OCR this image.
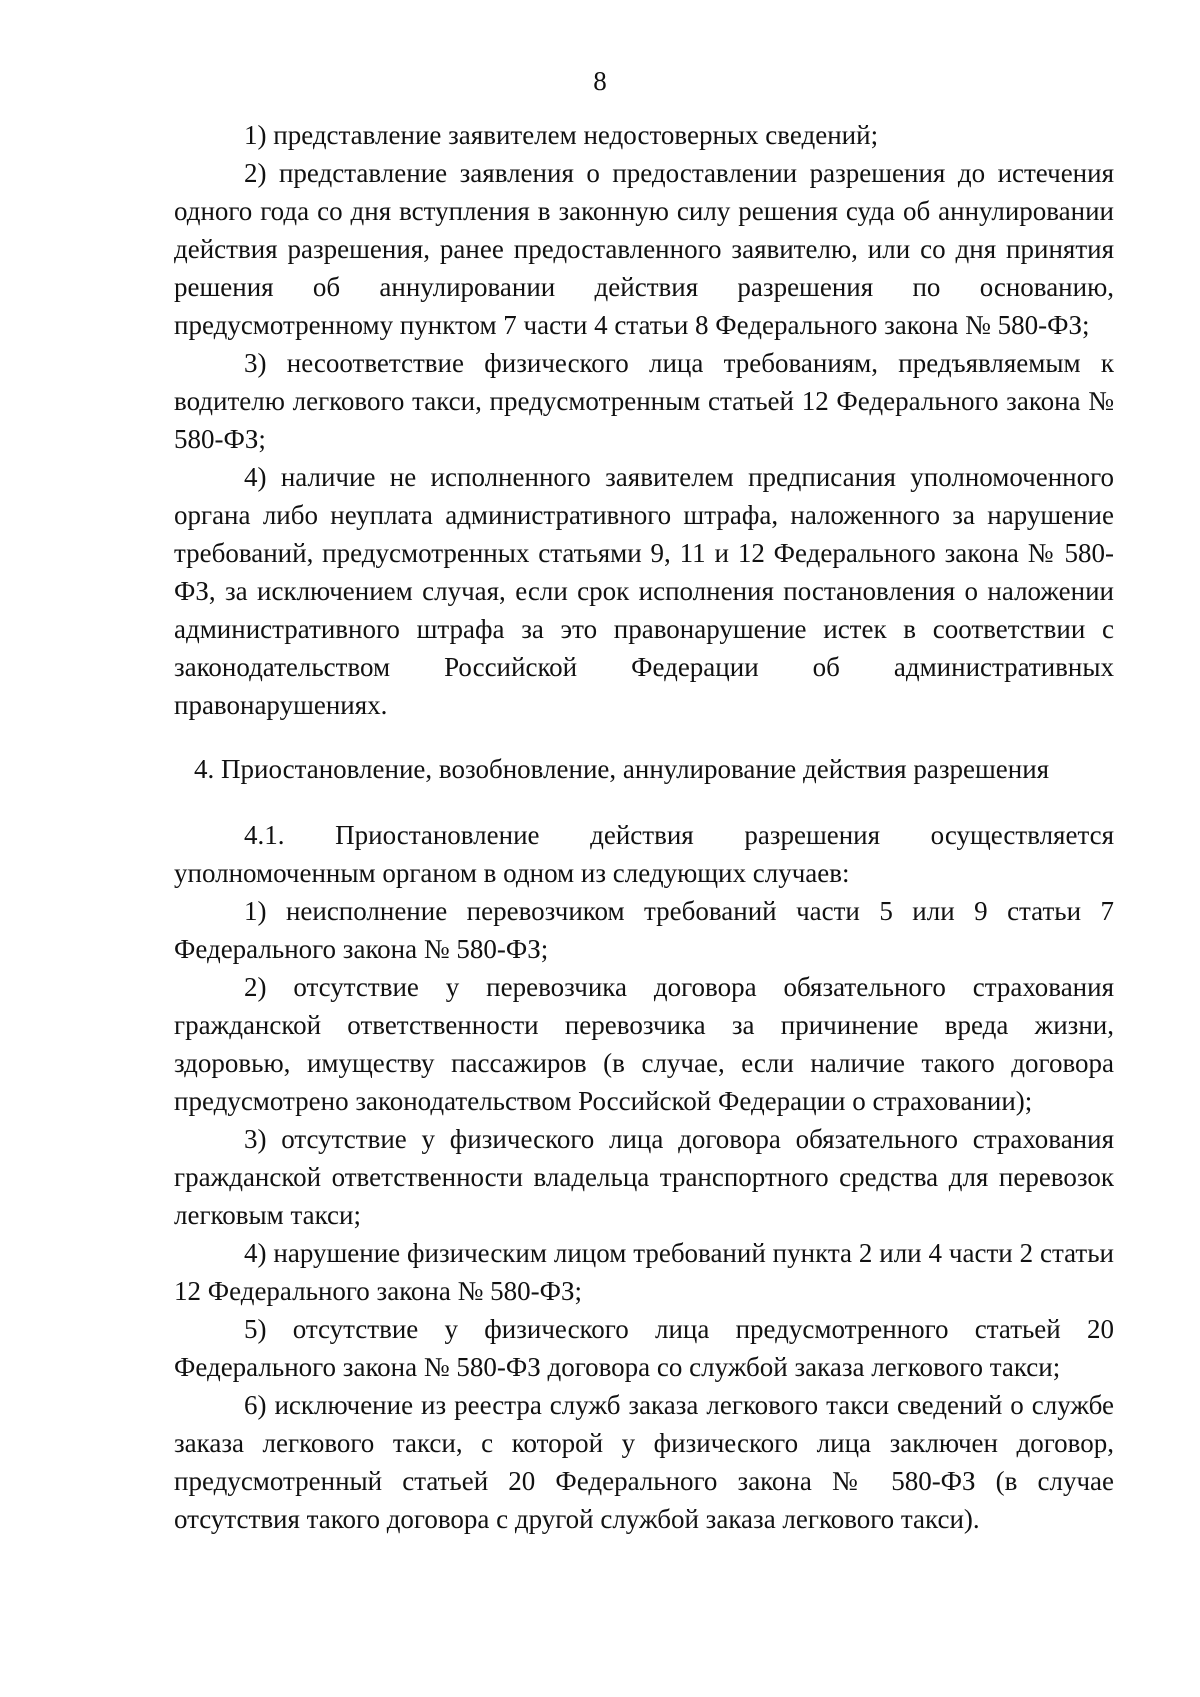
8

1) представление заявителем недостоверных сведений;

2) представление заявления о предоставлении разрешения до истечения одного года со дня вступления в законную силу решения суда об аннулировании действия разрешения, ранее предоставленного заявителю, или со дня принятия решения об аннулировании действия разрешения по основанию, предусмотренному пунктом 7 части 4 статьи 8 Федерального закона № 580-ФЗ;

3) несоответствие физического лица требованиям, предъявляемым к водителю легкового такси, предусмотренным статьей 12 Федерального закона № 580-ФЗ;

4) наличие не исполненного заявителем предписания уполномоченного органа либо неуплата административного штрафа, наложенного за нарушение требований, предусмотренных статьями 9, 11 и 12 Федерального закона № 580-ФЗ, за исключением случая, если срок исполнения постановления о наложении административного штрафа за это правонарушение истек в соответствии с законодательством Российской Федерации об административных правонарушениях.

4. Приостановление, возобновление, аннулирование действия разрешения

4.1. Приостановление действия разрешения осуществляется уполномоченным органом в одном из следующих случаев:

1) неисполнение перевозчиком требований части 5 или 9 статьи 7 Федерального закона № 580-ФЗ;

2) отсутствие у перевозчика договора обязательного страхования гражданской ответственности перевозчика за причинение вреда жизни, здоровью, имуществу пассажиров (в случае, если наличие такого договора предусмотрено законодательством Российской Федерации о страховании);

3) отсутствие у физического лица договора обязательного страхования гражданской ответственности владельца транспортного средства для перевозок легковым такси;

4) нарушение физическим лицом требований пункта 2 или 4 части 2 статьи 12 Федерального закона № 580-ФЗ;

5) отсутствие у физического лица предусмотренного статьей 20 Федерального закона № 580-ФЗ договора со службой заказа легкового такси;

6) исключение из реестра служб заказа легкового такси сведений о службе заказа легкового такси, с которой у физического лица заключен договор, предусмотренный статьей 20 Федерального закона № 580-ФЗ (в случае отсутствия такого договора с другой службой заказа легкового такси).
